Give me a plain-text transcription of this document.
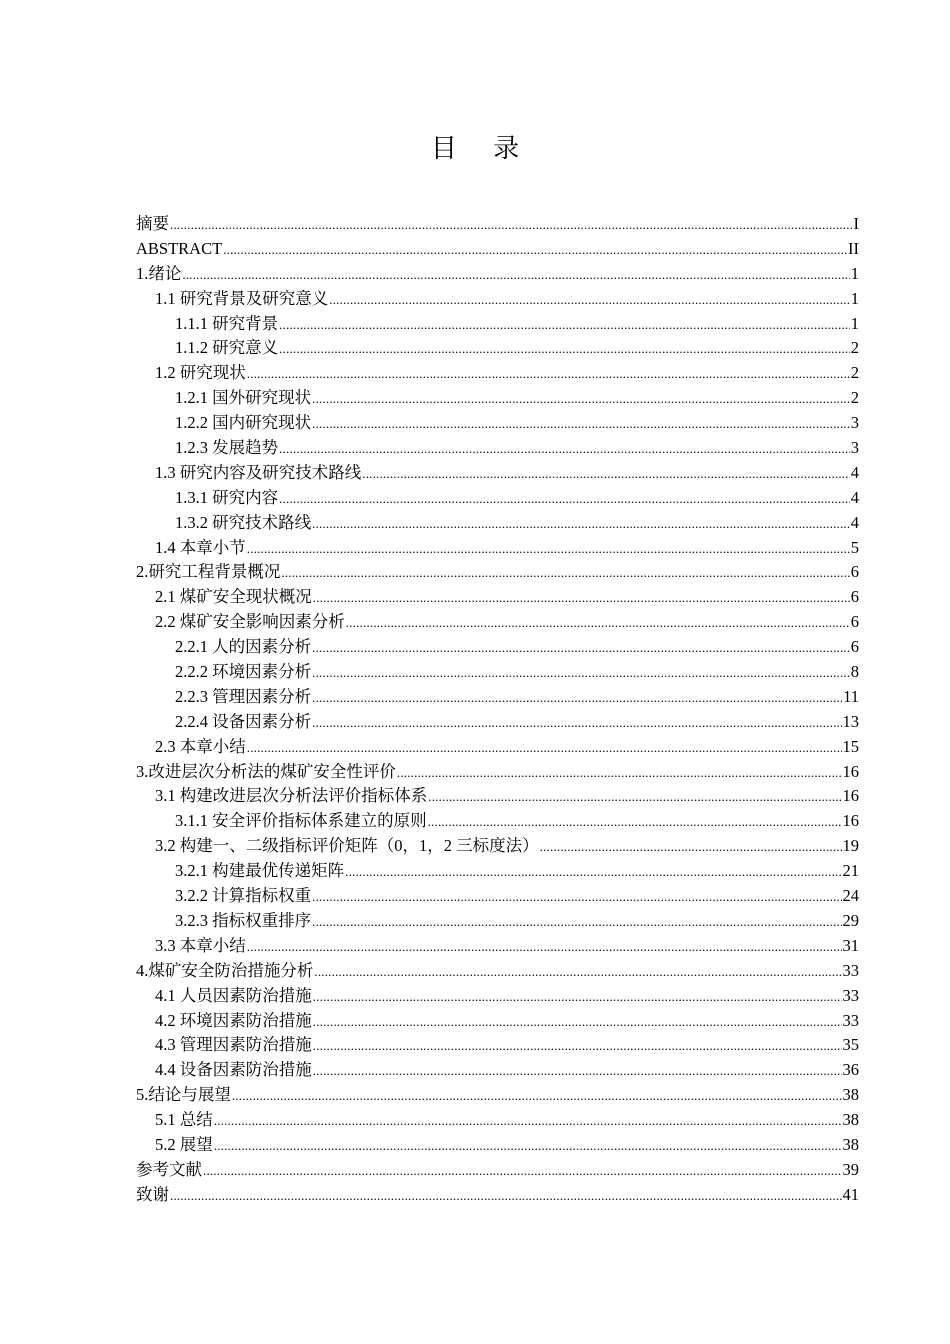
目 录
摘要 .....	I
ABSTRACT .....	II
1.绪论 .....	1
1.1 研究背景及研究意义 .....	1
1.1.1 研究背景 .....	1
1.1.2 研究意义 .....	2
1.2 研究现状 .....	2
1.2.1 国外研究现状 .....	2
1.2.2 国内研究现状 .....	3
1.2.3 发展趋势 .....	3
1.3 研究内容及研究技术路线 .....	4
1.3.1 研究内容 .....	4
1.3.2 研究技术路线 .....	4
1.4 本章小节 .....	5
2.研究工程背景概况 .....	6
2.1 煤矿安全现状概况 .....	6
2.2 煤矿安全影响因素分析 .....	6
2.2.1 人的因素分析 .....	6
2.2.2 环境因素分析 .....	8
2.2.3 管理因素分析 .....	11
2.2.4 设备因素分析 .....	13
2.3 本章小结 .....	15
3.改进层次分析法的煤矿安全性评价 .....	16
3.1 构建改进层次分析法评价指标体系 .....	16
3.1.1 安全评价指标体系建立的原则 .....	16
3.2 构建一、二级指标评价矩阵（0，1，2 三标度法） .....	19
3.2.1 构建最优传递矩阵 .....	21
3.2.2 计算指标权重 .....	24
3.2.3 指标权重排序 .....	29
3.3 本章小结 .....	31
4.煤矿安全防治措施分析 .....	33
4.1 人员因素防治措施 .....	33
4.2 环境因素防治措施 .....	33
4.3 管理因素防治措施 .....	35
4.4 设备因素防治措施 .....	36
5.结论与展望 .....	38
5.1 总结 .....	38
5.2 展望 .....	38
参考文献 .....	39
致谢 .....	41
